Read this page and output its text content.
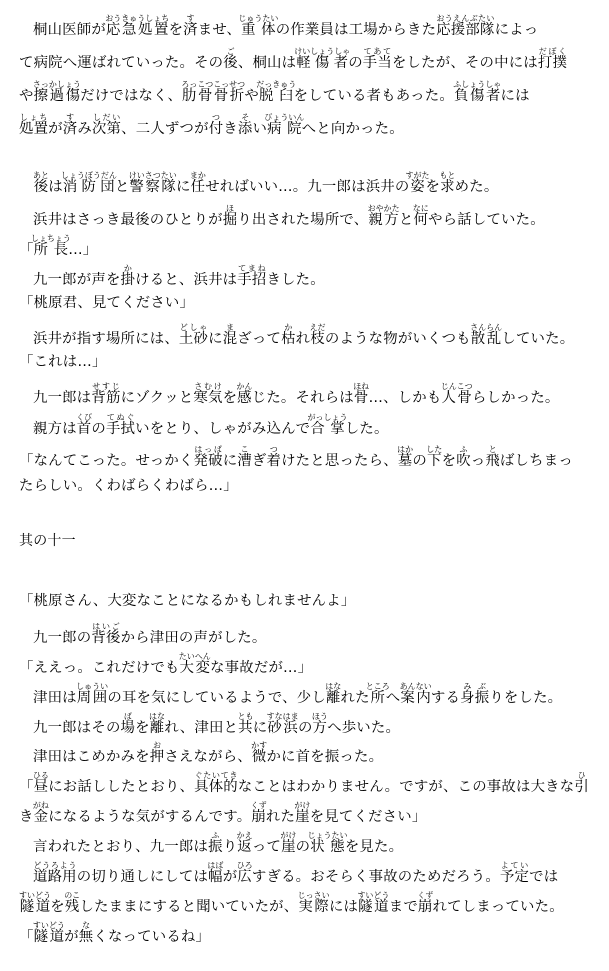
桐山医師が応急処置おうきゅうしょちを済すませ、重体じゅうたいの作業員は工場からきた応援部隊おうえんぶたいによっ
て病院へ運ばれていった。その後ご、桐山は軽傷者けいしょうしゃの手当てあてをしたが、その中には打撲だぼく
や擦過傷さっかしょうだけではなく、肋骨骨折ろっこつこっせつや脱臼だっきゅうをしている者もあった。負傷者ふしょうしゃには
処置しょちが済すみ次第しだい、二人ずつが付つき添そい病院びょういんへと向かった。
後あとは消防団しょうぼうだんと警察隊けいさつたいに任まかせればいい…。九一郎は浜井の姿すがたを求もとめた。
浜井はさっき最後のひとりが掘ほり出された場所で、親方おやかたと何なにやら話していた。
「所長しょちょう…」
九一郎が声を掛かけると、浜井は手招てまねきした。
「桃原君、見てください」
浜井が指す場所には、土砂どしゃに混まざって枯かれ枝えだのような物がいくつも散乱さんらんしていた。
「これは…」
九一郎は背筋せすじにゾクッと寒気さむけを感かんじた。それらは骨ほね…、しかも人骨じんこつらしかった。
親方は首くびの手拭てぬぐいをとり、しゃがみ込んで合掌がっしょうした。
「なんてこった。せっかく発破はっぱに漕こぎ着つけたと思ったら、墓はかの下したを吹ふっ飛とばしちまっ
たらしい。くわばらくわばら…」
其の十一
「桃原さん、大変なことになるかもしれませんよ」
九一郎の背後はいごから津田の声がした。
「ええっ。これだけでも大変たいへんな事故だが…」
津田は周囲しゅういの耳を気にしているようで、少し離はなれた所ところへ案内あんないする身振みぶりをした。
九一郎はその場ばを離はなれ、津田と共ともに砂浜すなはまの方ほうへ歩いた。
津田はこめかみを押おさえながら、微かすかに首を振った。
「昼ひるにお話ししたとおり、具体的ぐたいてきなことはわかりません。ですが、この事故は大きな引ひ
き金がねになるような気がするんです。崩くずれた崖がけを見てください」
言われたとおり、九一郎は振ふり返かえって崖がけの状態じょうたいを見た。
道路用どうろようの切り通しにしては幅はばが広ひろすぎる。おそらく事故のためだろう。予定よていでは
隧道すいどうを残のこしたままにすると聞いていたが、実際じっさいには隧道すいどうまで崩くずれてしまっていた。
「隧道すいどうが無なくなっているね」
